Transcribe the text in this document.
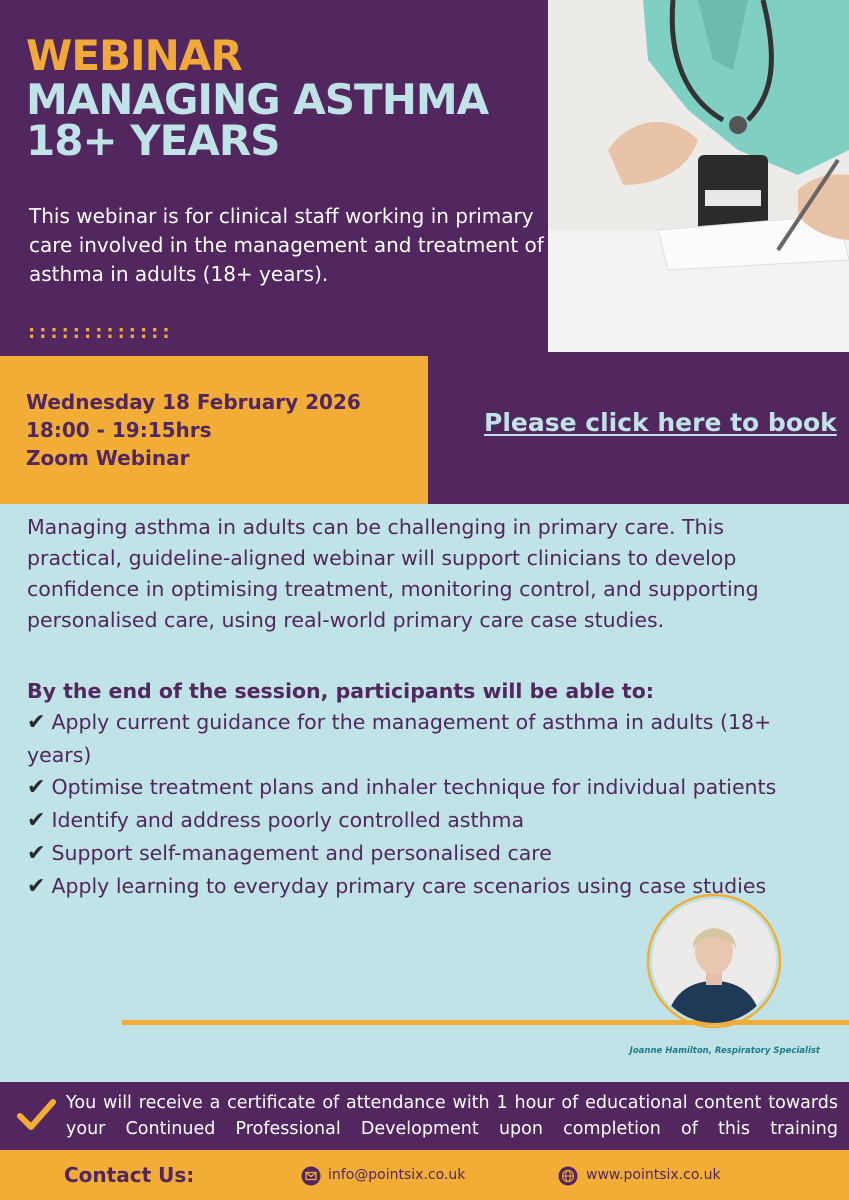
WEBINAR
MANAGING ASTHMA
18+ YEARS
This webinar is for clinical staff working in primary care involved in the management and treatment of asthma in adults (18+ years).
:::::::::::::
Wednesday 18 February 2026
18:00 - 19:15hrs
Zoom Webinar
Please click here to book
Managing asthma in adults can be challenging in primary care. This practical, guideline-aligned webinar will support clinicians to develop confidence in optimising treatment, monitoring control, and supporting personalised care, using real-world primary care case studies.
By the end of the session, participants will be able to:
✔ Apply current guidance for the management of asthma in adults (18+ years)
✔ Optimise treatment plans and inhaler technique for individual patients
✔ Identify and address poorly controlled asthma
✔ Support self-management and personalised care
✔ Apply learning to everyday primary care scenarios using case studies
Joanne Hamilton, Respiratory Specialist
You will receive a certificate of attendance with 1 hour of educational content towards your Continued Professional Development upon completion of this training
Contact Us:	info@pointsix.co.uk	www.pointsix.co.uk
